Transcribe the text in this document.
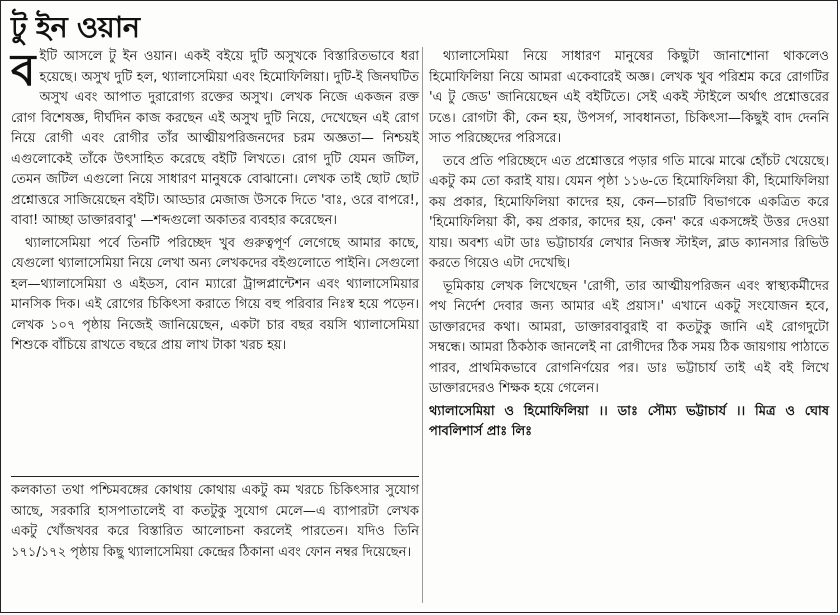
টু ইন ওয়ান

বইটি আসলে টু ইন ওয়ান। একই বইয়ে দুটি অসুখকে বিস্তারিতভাবে ধরা হয়েছে। অসুখ দুটি হল, থ্যালাসেমিয়া এবং হিমোফিলিয়া। দুটি-ই জিনঘটিত অসুখ এবং আপাত দুরারোগ্য রক্তের অসুখ। লেখক নিজে একজন রক্ত রোগ বিশেষজ্ঞ, দীর্ঘদিন কাজ করছেন এই অসুখ দুটি নিয়ে, দেখেছেন এই রোগ নিয়ে রোগী এবং রোগীর তাঁর আত্মীয়পরিজনদের চরম অজ্ঞতা— নিশ্চয়ই এগুলোকেই তাঁকে উৎসাহিত করেছে বইটি লিখতে। রোগ দুটি যেমন জটিল, তেমন জটিল এগুলো নিয়ে সাধারণ মানুষকে বোঝানো। লেখক তাই ছোট ছোট প্রশ্নোত্তরে সাজিয়েছেন বইটি। আড্ডার মেজাজ উসকে দিতে 'বাঃ, ওরে বাপরে!, বাবা! আচ্ছা ডাক্তারবাবু' —শব্দগুলো অকাতর ব্যবহার করেছেন।

থ্যালাসেমিয়া পর্বে তিনটি পরিচ্ছেদ খুব গুরুত্বপূর্ণ লেগেছে আমার কাছে, যেগুলো থ্যালাসেমিয়া নিয়ে লেখা অন্য লেখকদের বইগুলোতে পাইনি। সেগুলো হল—থ্যালাসেমিয়া ও এইডস, বোন ম্যারো ট্রান্সপ্লান্টেশন এবং থ্যালাসেমিয়ার মানসিক দিক। এই রোগের চিকিৎসা করাতে গিয়ে বহু পরিবার নিঃস্ব হয়ে পড়েন। লেখক ১০৭ পৃষ্ঠায় নিজেই জানিয়েছেন, একটা চার বছর বয়সি থ্যালাসেমিয়া শিশুকে বাঁচিয়ে রাখতে বছরে প্রায় লাখ টাকা খরচ হয়।

কলকাতা তথা পশ্চিমবঙ্গের কোথায় কোথায় একটু কম খরচে চিকিৎসার সুযোগ আছে, সরকারি হাসপাতালেই বা কতটুকু সুযোগ মেলে—এ ব্যাপারটা লেখক একটু খোঁজখবর করে বিস্তারিত আলোচনা করলেই পারতেন। যদিও তিনি ১৭১/১৭২ পৃষ্ঠায় কিছু থ্যালাসেমিয়া কেন্দ্রের ঠিকানা এবং ফোন নম্বর দিয়েছেন।

থ্যালাসেমিয়া নিয়ে সাধারণ মানুষের কিছুটা জানাশোনা থাকলেও হিমোফিলিয়া নিয়ে আমরা একেবারেই অজ্ঞ। লেখক খুব পরিশ্রম করে রোগটির 'এ টু জেড' জানিয়েছেন এই বইটিতে। সেই একই স্টাইলে অর্থাৎ প্রশ্নোত্তরের ঢঙে। রোগটা কী, কেন হয়, উপসর্গ, সাবধানতা, চিকিৎসা—কিছুই বাদ দেননি সাত পরিচ্ছেদের পরিসরে।

তবে প্রতি পরিচ্ছেদে এত প্রশ্নোত্তরে পড়ার গতি মাঝে মাঝে হোঁচট খেয়েছে। একটু কম তো করাই যায়। যেমন পৃষ্ঠা ১১৬-তে হিমোফিলিয়া কী, হিমোফিলিয়া কয় প্রকার, হিমোফিলিয়া কাদের হয়, কেন—চারটি বিভাগকে একত্রিত করে 'হিমোফিলিয়া কী, কয় প্রকার, কাদের হয়, কেন' করে একসঙ্গেই উত্তর দেওয়া যায়। অবশ্য এটা ডাঃ ভট্টাচার্যর লেখার নিজস্ব স্টাইল, ব্লাড ক্যানসার রিভিউ করতে গিয়েও এটা দেখেছি।

ভূমিকায় লেখক লিখেছেন 'রোগী, তার আত্মীয়পরিজন এবং স্বাস্থ্যকর্মীদের পথ নির্দেশ দেবার জন্য আমার এই প্রয়াস।' এখানে একটু সংযোজন হবে, ডাক্তারদের কথা। আমরা, ডাক্তারবাবুরাই বা কতটুকু জানি এই রোগদুটো সম্বন্ধে। আমরা ঠিকঠাক জানলেই না রোগীদের ঠিক সময় ঠিক জায়গায় পাঠাতে পারব, প্রাথমিকভাবে রোগনির্ণয়ের পর। ডাঃ ভট্টাচার্য তাই এই বই লিখে ডাক্তারদেরও শিক্ষক হয়ে গেলেন।

থ্যালাসেমিয়া ও হিমোফিলিয়া ।। ডাঃ সৌম্য ভট্টাচার্য ।। মিত্র ও ঘোষ পাবলিশার্স প্রাঃ লিঃ
